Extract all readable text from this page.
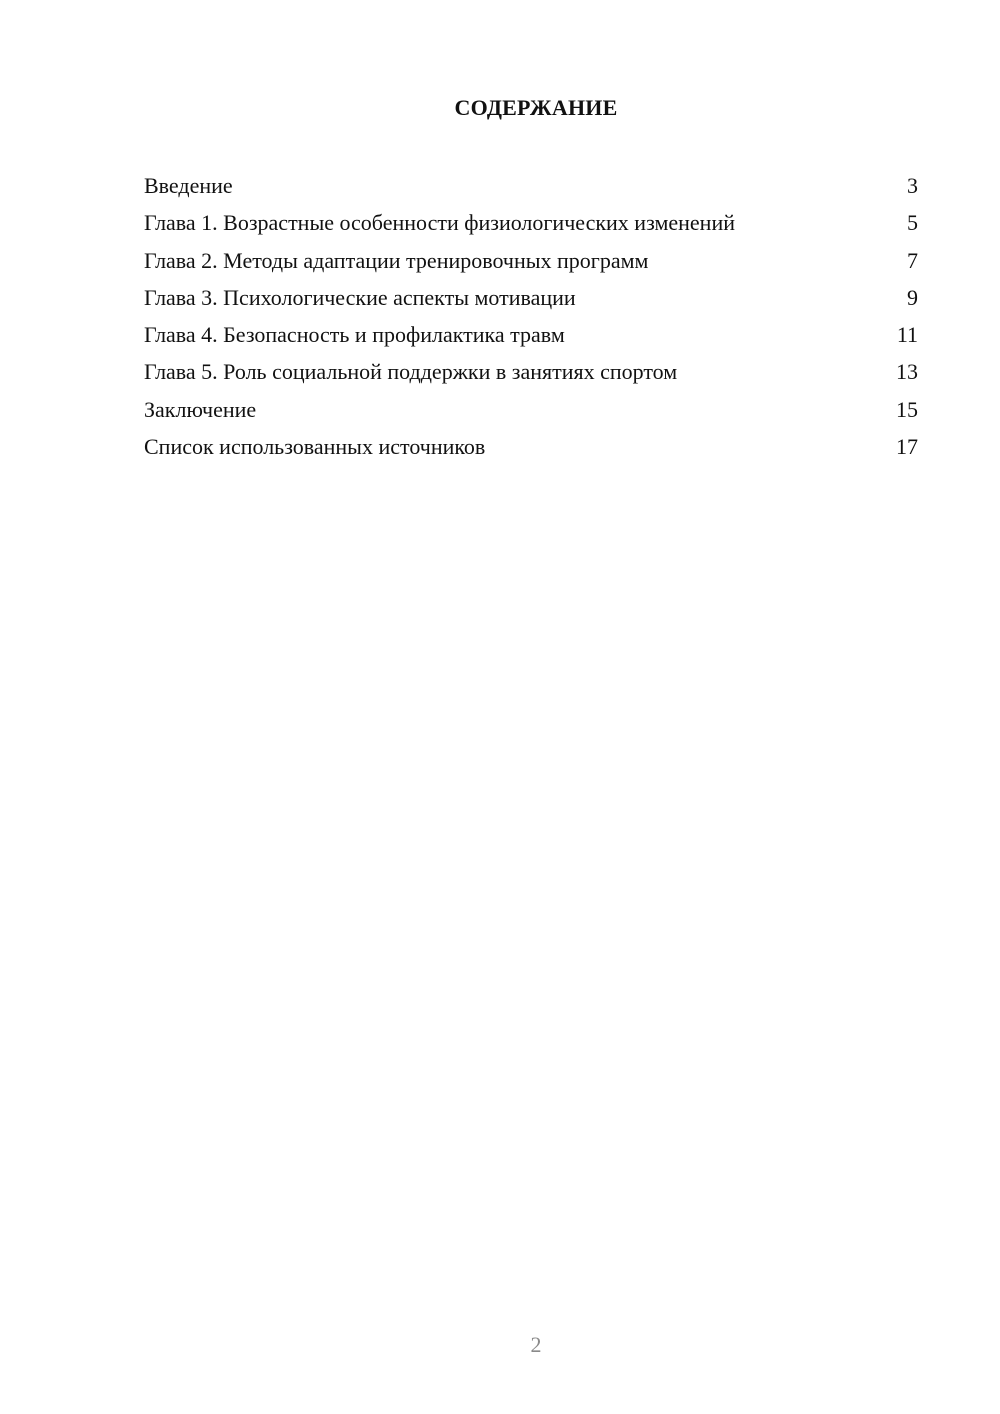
СОДЕРЖАНИЕ
Введение	3
Глава 1. Возрастные особенности физиологических изменений	5
Глава 2. Методы адаптации тренировочных программ	7
Глава 3. Психологические аспекты мотивации	9
Глава 4. Безопасность и профилактика травм	11
Глава 5. Роль социальной поддержки в занятиях спортом	13
Заключение	15
Список использованных источников	17
2
